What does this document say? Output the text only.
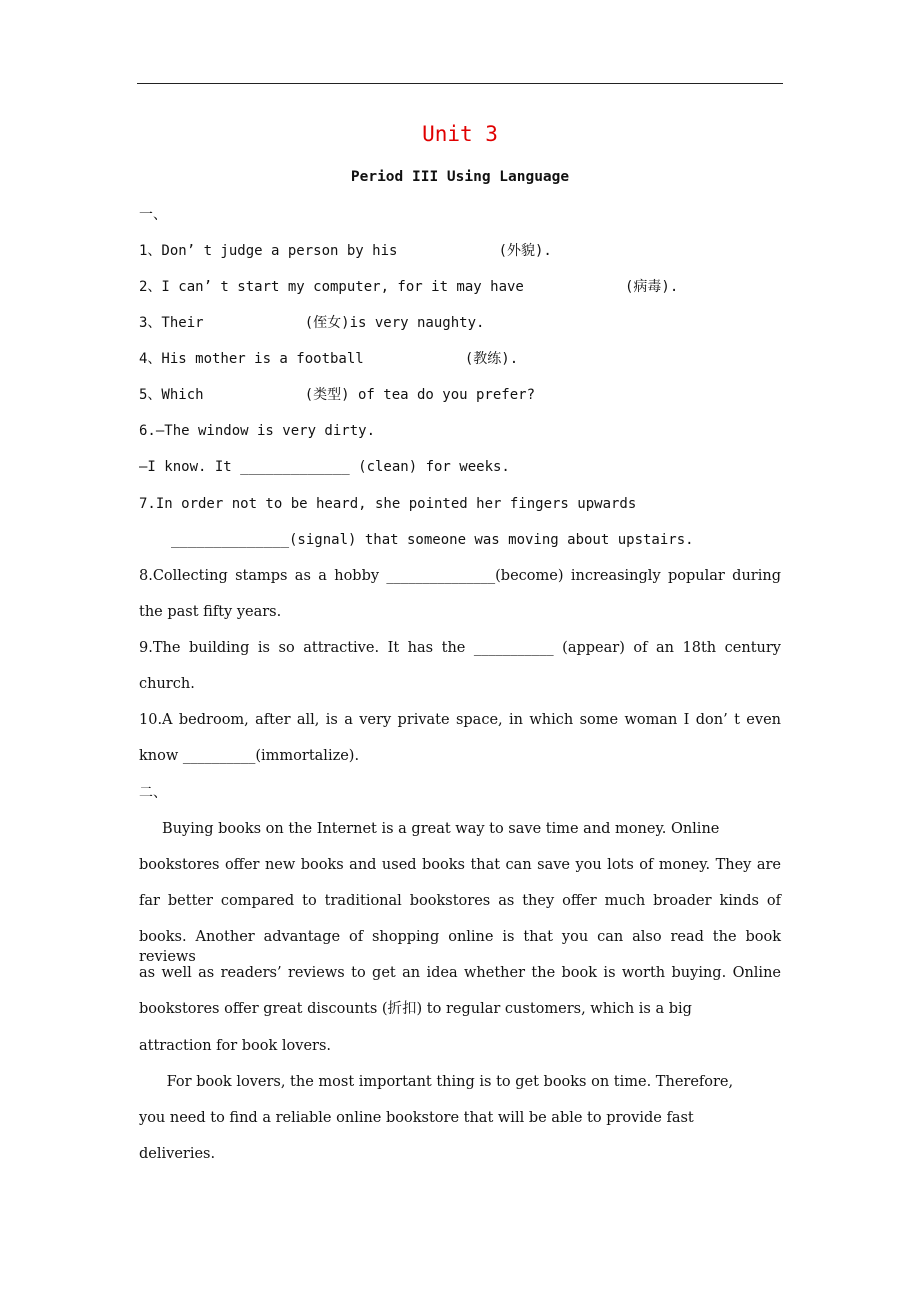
Unit 3
Period III Using Language
一、
1、Don’ t judge a person by his            (外貌).
2、I can’ t start my computer, for it may have            (病毒).
3、Their            (侄女)is very naughty.
4、His mother is a football            (教练).
5、Which            (类型) of tea do you prefer?
6.—The window is very dirty.
—I know. It _____________ (clean) for weeks.
7.In order not to be heard, she pointed her fingers upwards
______________(signal) that someone was moving about upstairs.
8.Collecting stamps as a hobby _______________(become) increasingly popular during
the past fifty years.
9.The building is so attractive. It has the ___________ (appear) of an 18th century
church.
10.A bedroom, after all, is a very private space, in which some woman I don’ t even
know __________(immortalize).
二、
Buying books on the Internet is a great way to save time and money. Online
bookstores offer new books and used books that can save you lots of money. They are
far better compared to traditional bookstores as they offer much broader kinds of
books. Another advantage of shopping online is that you can also read the book reviews
as well as readers’ reviews to get an idea whether the book is worth buying. Online
bookstores offer great discounts (折扣) to regular customers, which is a big
attraction for book lovers.
For book lovers, the most important thing is to get books on time. Therefore,
you need to find a reliable online bookstore that will be able to provide fast
deliveries.
